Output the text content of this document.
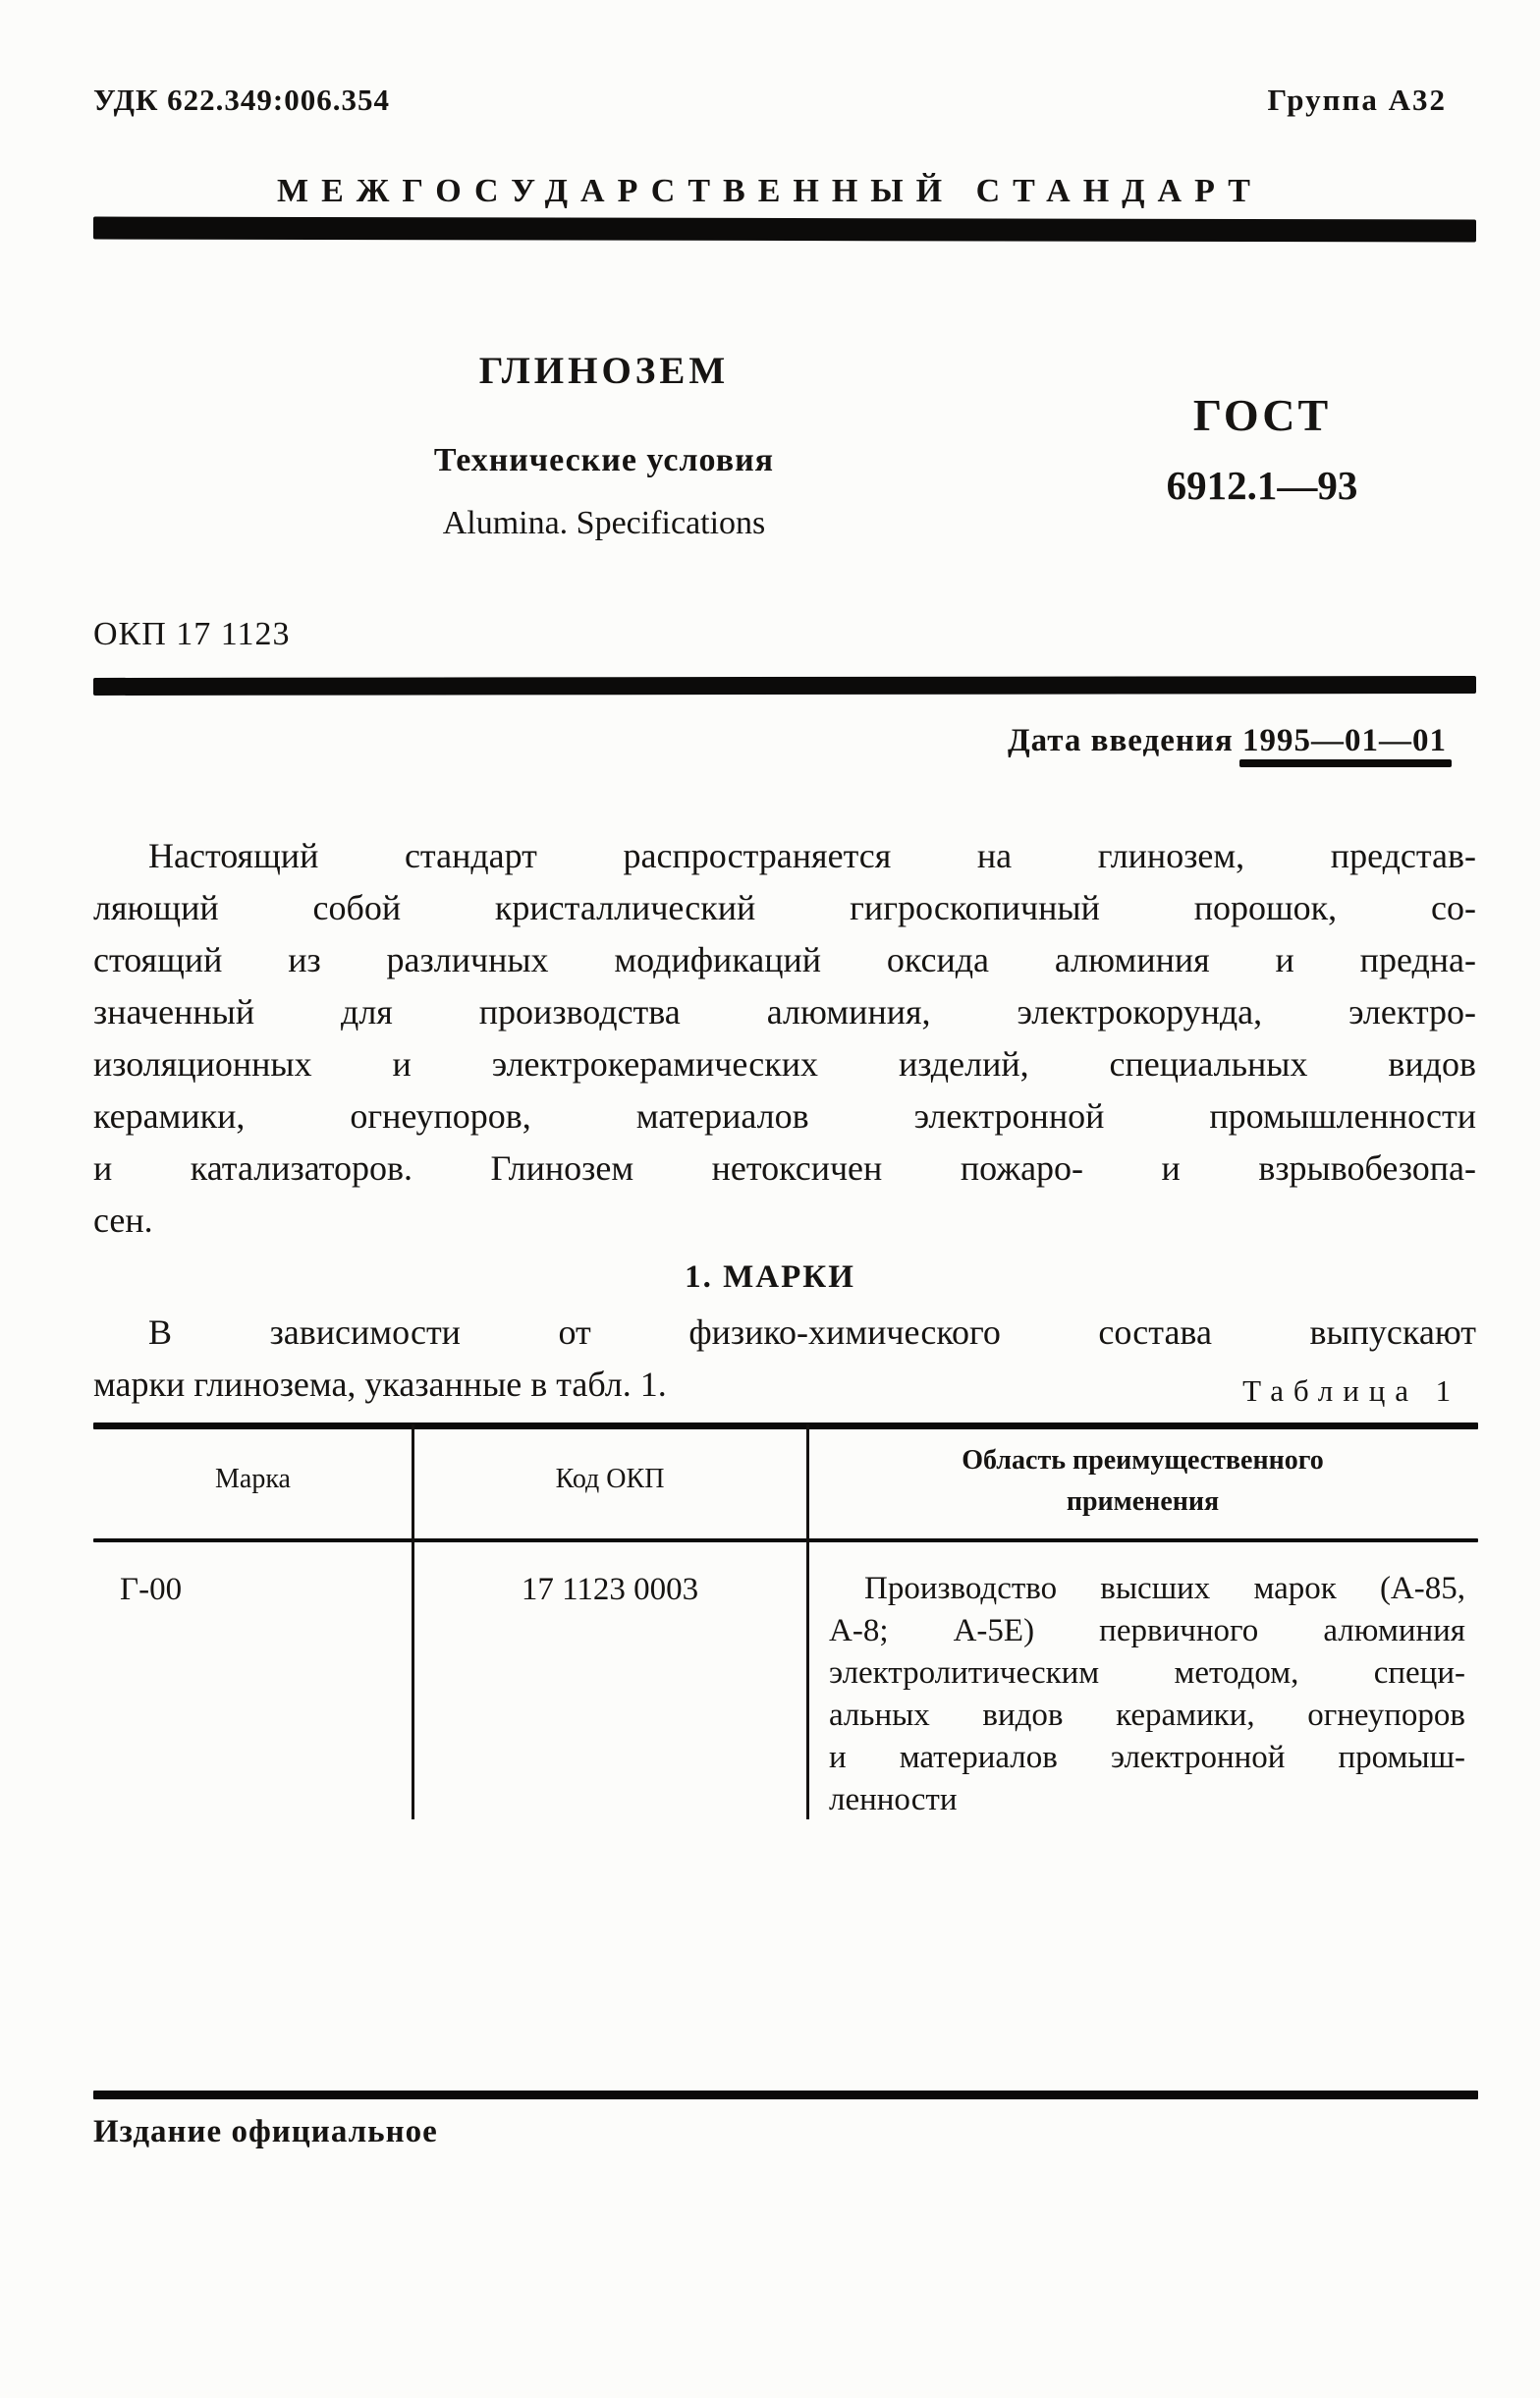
УДК 622.349:006.354	Группа А32
МЕЖГОСУДАРСТВЕННЫЙ СТАНДАРТ
ГЛИНОЗЕМ
Технические условия
Alumina. Specifications
ГОСТ
6912.1—93
ОКП 17 1123
Дата введения 1995—01—01
Настоящий стандарт распространяется на глинозем, представ-
ляющий собой кристаллический гигроскопичный порошок, со-
стоящий из различных модификаций оксида алюминия и предна-
значенный для производства алюминия, электрокорунда, электро-
изоляционных и электрокерамических изделий, специальных видов
керамики, огнеупоров, материалов электронной промышленности
и катализаторов. Глинозем нетоксичен пожаро- и взрывобезопа-
сен.
1. МАРКИ
В зависимости от физико-химического состава выпускают
марки глинозема, указанные в табл. 1.	Таблица 1
Марка	Код ОКП
Область преимущественного
применения
Г-00	17 1123 0003	Производство высших марок (А-85,
А-8; А-5Е) первичного алюминия
электролитическим методом, специ-
альных видов керамики, огнеупоров
и материалов электронной промыш-
ленности
Издание официальное
